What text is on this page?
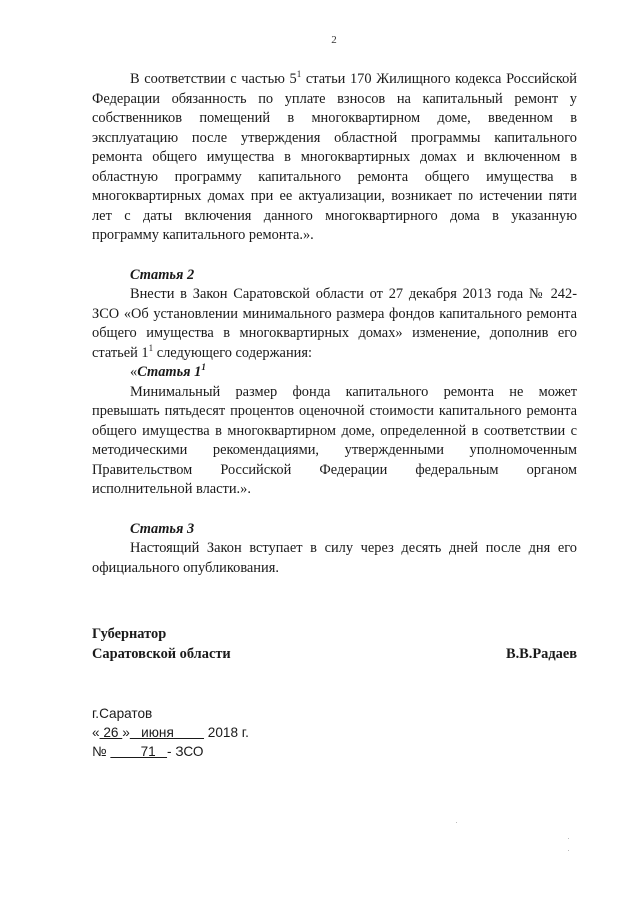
2

В соответствии с частью $5^1$ статьи 170 Жилищного кодекса Российской Федерации обязанность по уплате взносов на капитальный ремонт у собственников помещений в многоквартирном доме, введенном в эксплуатацию после утверждения областной программы капитального ремонта общего имущества в многоквартирных домах и включенном в областную программу капитального ремонта общего имущества в многоквартирных домах при ее актуализации, возникает по истечении пяти лет с даты включения данного многоквартирного дома в указанную программу капитального ремонта.».

Статья 2

Внести в Закон Саратовской области от 27 декабря 2013 года № 242-ЗСО «Об установлении минимального размера фондов капитального ремонта общего имущества в многоквартирных домах» изменение, дополнив его статьей $1^1$ следующего содержания:

«Статья $1^1$

Минимальный размер фонда капитального ремонта не может превышать пятьдесят процентов оценочной стоимости капитального ремонта общего имущества в многоквартирном доме, определенной в соответствии с методическими рекомендациями, утвержденными уполномоченным Правительством Российской Федерации федеральным органом исполнительной власти.».

Статья 3

Настоящий Закон вступает в силу через десять дней после дня его официального опубликования.

Губернатор
Саратовской области	В.В.Радаев
г.Саратов
« 26 »   июня         2018 г.
№         71   - ЗСО
